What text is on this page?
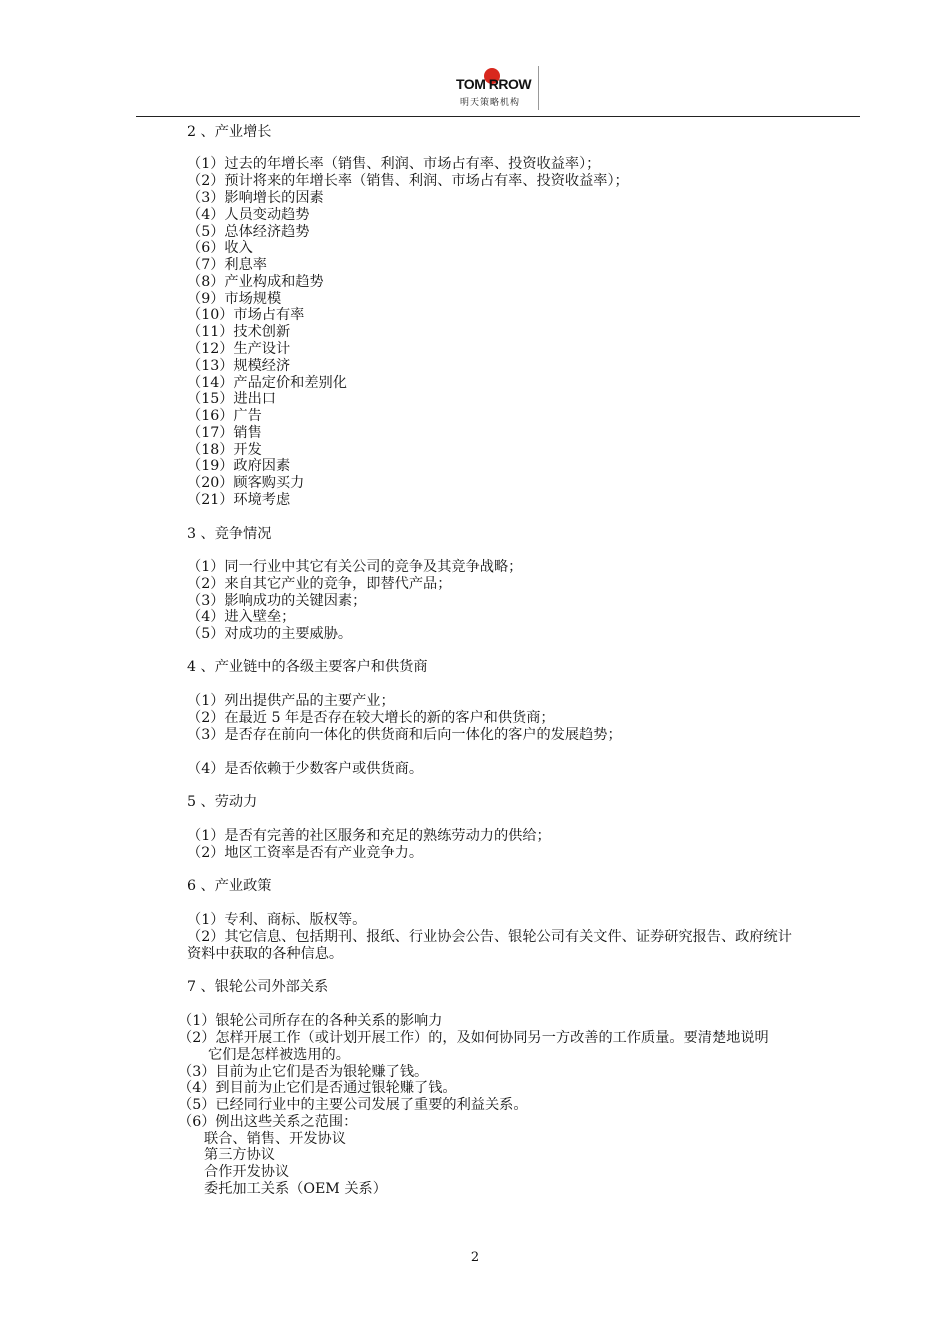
TOM RROW
明天策略机构
2 、产业增长
（1）过去的年增长率（销售、利润、市场占有率、投资收益率）；
（2）预计将来的年增长率（销售、利润、市场占有率、投资收益率）；
（3）影响增长的因素
（4）人员变动趋势
（5）总体经济趋势
（6）收入
（7）利息率
（8）产业构成和趋势
（9）市场规模
（10）市场占有率
（11）技术创新
（12）生产设计
（13）规模经济
（14）产品定价和差别化
（15）进出口
（16）广告
（17）销售
（18）开发
（19）政府因素
（20）顾客购买力
（21）环境考虑
3 、竞争情况
（1）同一行业中其它有关公司的竞争及其竞争战略；
（2）来自其它产业的竞争，即替代产品；
（3）影响成功的关键因素；
（4）进入壁垒；
（5）对成功的主要威胁。
4 、产业链中的各级主要客户和供货商
（1）列出提供产品的主要产业；
（2）在最近 5 年是否存在较大增长的新的客户和供货商；
（3）是否存在前向一体化的供货商和后向一体化的客户的发展趋势；
（4）是否依赖于少数客户或供货商。
5 、劳动力
（1）是否有完善的社区服务和充足的熟练劳动力的供给；
（2）地区工资率是否有产业竞争力。
6 、产业政策
（1）专利、商标、版权等。
（2）其它信息、包括期刊、报纸、行业协会公告、银轮公司有关文件、证券研究报告、政府统计
资料中获取的各种信息。
7 、银轮公司外部关系
（1）银轮公司所存在的各种关系的影响力
（2）怎样开展工作（或计划开展工作）的，及如何协同另一方改善的工作质量。要清楚地说明
它们是怎样被选用的。
（3）目前为止它们是否为银轮赚了钱。
（4）到目前为止它们是否通过银轮赚了钱。
（5）已经同行业中的主要公司发展了重要的利益关系。
（6）例出这些关系之范围：
联合、销售、开发协议
第三方协议
合作开发协议
委托加工关系（OEM 关系）
2
